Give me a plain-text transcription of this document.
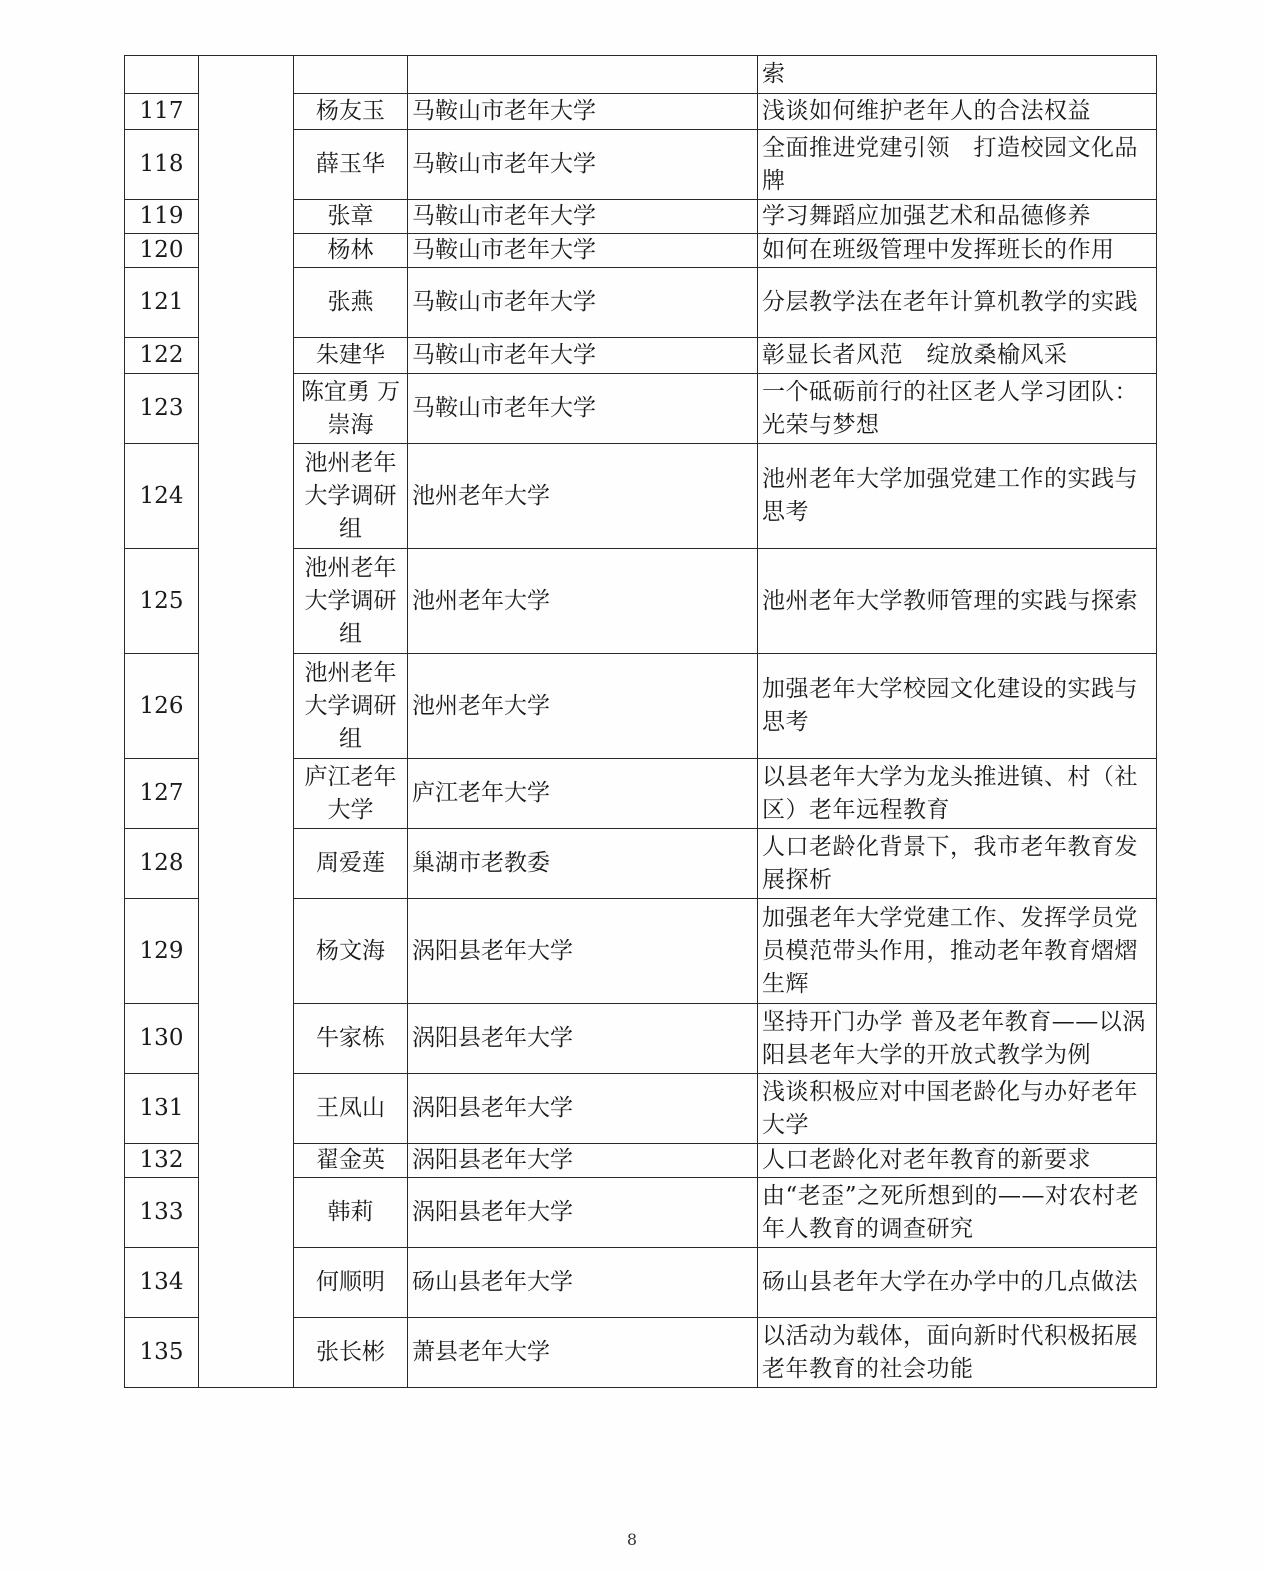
				索
117		杨友玉	马鞍山市老年大学	浅谈如何维护老年人的合法权益
118		薛玉华	马鞍山市老年大学	全面推进党建引领　打造校园文化品牌
119		张章	马鞍山市老年大学	学习舞蹈应加强艺术和品德修养
120		杨林	马鞍山市老年大学	如何在班级管理中发挥班长的作用
121		张燕	马鞍山市老年大学	分层教学法在老年计算机教学的实践
122		朱建华	马鞍山市老年大学	彰显长者风范　绽放桑榆风采
123		陈宜勇 万崇海	马鞍山市老年大学	一个砥砺前行的社区老人学习团队：光荣与梦想
124		池州老年大学调研组	池州老年大学	池州老年大学加强党建工作的实践与思考
125		池州老年大学调研组	池州老年大学	池州老年大学教师管理的实践与探索
126		池州老年大学调研组	池州老年大学	加强老年大学校园文化建设的实践与思考
127		庐江老年大学	庐江老年大学	以县老年大学为龙头推进镇、村（社区）老年远程教育
128		周爱莲	巢湖市老教委	人口老龄化背景下，我市老年教育发展探析
129		杨文海	涡阳县老年大学	加强老年大学党建工作、发挥学员党员模范带头作用，推动老年教育熠熠生辉
130		牛家栋	涡阳县老年大学	坚持开门办学 普及老年教育——以涡阳县老年大学的开放式教学为例
131		王凤山	涡阳县老年大学	浅谈积极应对中国老龄化与办好老年大学
132		翟金英	涡阳县老年大学	人口老龄化对老年教育的新要求
133		韩莉	涡阳县老年大学	由“老歪”之死所想到的——对农村老年人教育的调查研究
134		何顺明	砀山县老年大学	砀山县老年大学在办学中的几点做法
135		张长彬	萧县老年大学	以活动为载体，面向新时代积极拓展老年教育的社会功能
8
